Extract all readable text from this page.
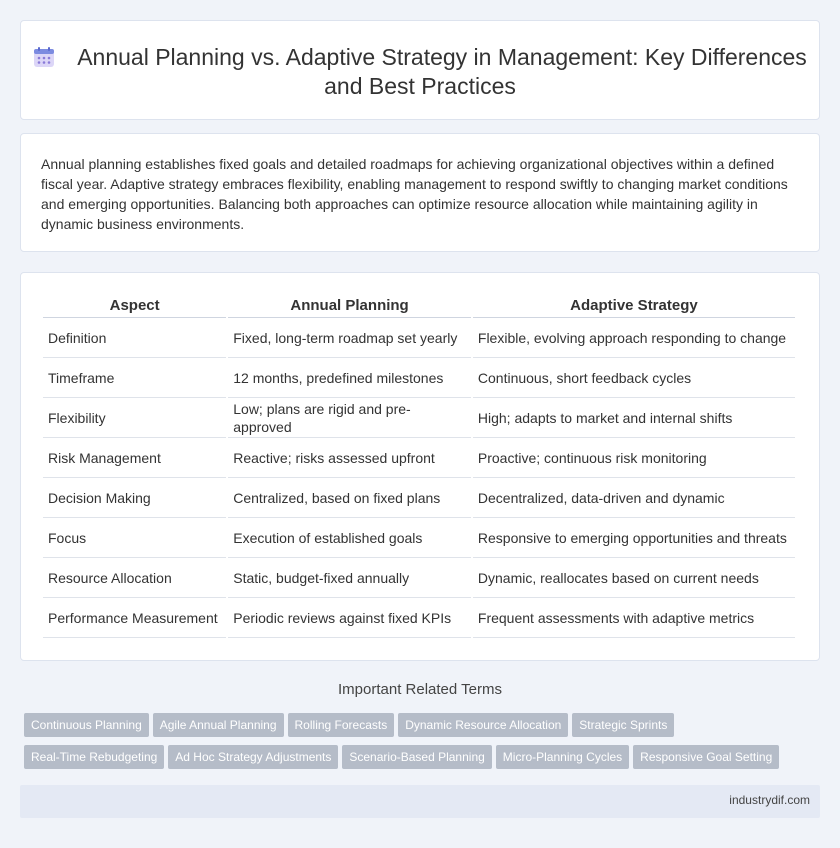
Annual Planning vs. Adaptive Strategy in Management: Key Differences and Best Practices

Annual planning establishes fixed goals and detailed roadmaps for achieving organizational objectives within a defined fiscal year. Adaptive strategy embraces flexibility, enabling management to respond swiftly to changing market conditions and emerging opportunities. Balancing both approaches can optimize resource allocation while maintaining agility in dynamic business environments.

Aspect	Annual Planning	Adaptive Strategy
Definition	Fixed, long-term roadmap set yearly	Flexible, evolving approach responding to change
Timeframe	12 months, predefined milestones	Continuous, short feedback cycles
Flexibility	Low; plans are rigid and pre-approved	High; adapts to market and internal shifts
Risk Management	Reactive; risks assessed upfront	Proactive; continuous risk monitoring
Decision Making	Centralized, based on fixed plans	Decentralized, data-driven and dynamic
Focus	Execution of established goals	Responsive to emerging opportunities and threats
Resource Allocation	Static, budget-fixed annually	Dynamic, reallocates based on current needs
Performance Measurement	Periodic reviews against fixed KPIs	Frequent assessments with adaptive metrics
Important Related Terms
Continuous Planning Agile Annual Planning Rolling Forecasts Dynamic Resource Allocation Strategic Sprints
Real-Time Rebudgeting Ad Hoc Strategy Adjustments Scenario-Based Planning Micro-Planning Cycles Responsive Goal Setting
industrydif.com
